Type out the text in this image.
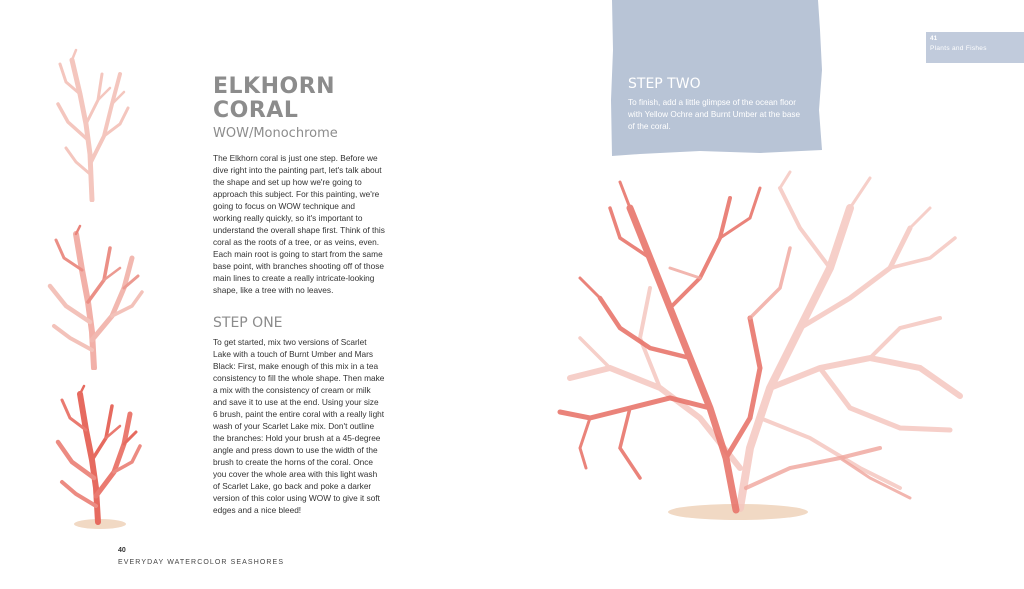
ELKHORN
CORAL
WOW/Monochrome

The Elkhorn coral is just one step. Before we dive right into the painting part, let's talk about the shape and set up how we're going to approach this subject. For this painting, we're going to focus on WOW technique and working really quickly, so it's important to understand the overall shape first. Think of this coral as the roots of a tree, or as veins, even. Each main root is going to start from the same base point, with branches shooting off of those main lines to create a really intricate-looking shape, like a tree with no leaves.

STEP ONE

To get started, mix two versions of Scarlet Lake with a touch of Burnt Umber and Mars Black: First, make enough of this mix in a tea consistency to fill the whole shape. Then make a mix with the consistency of cream or milk and save it to use at the end. Using your size 6 brush, paint the entire coral with a really light wash of your Scarlet Lake mix. Don't outline the branches: Hold your brush at a 45-degree angle and press down to use the width of the brush to create the horns of the coral. Once you cover the whole area with this light wash of Scarlet Lake, go back and poke a darker version of this color using WOW to give it soft edges and a nice bleed!

40
EVERYDAY WATERCOLOR SEASHORES
STEP TWO

To finish, add a little glimpse of the ocean floor with Yellow Ochre and Burnt Umber at the base of the coral.

41
Plants and Fishes
